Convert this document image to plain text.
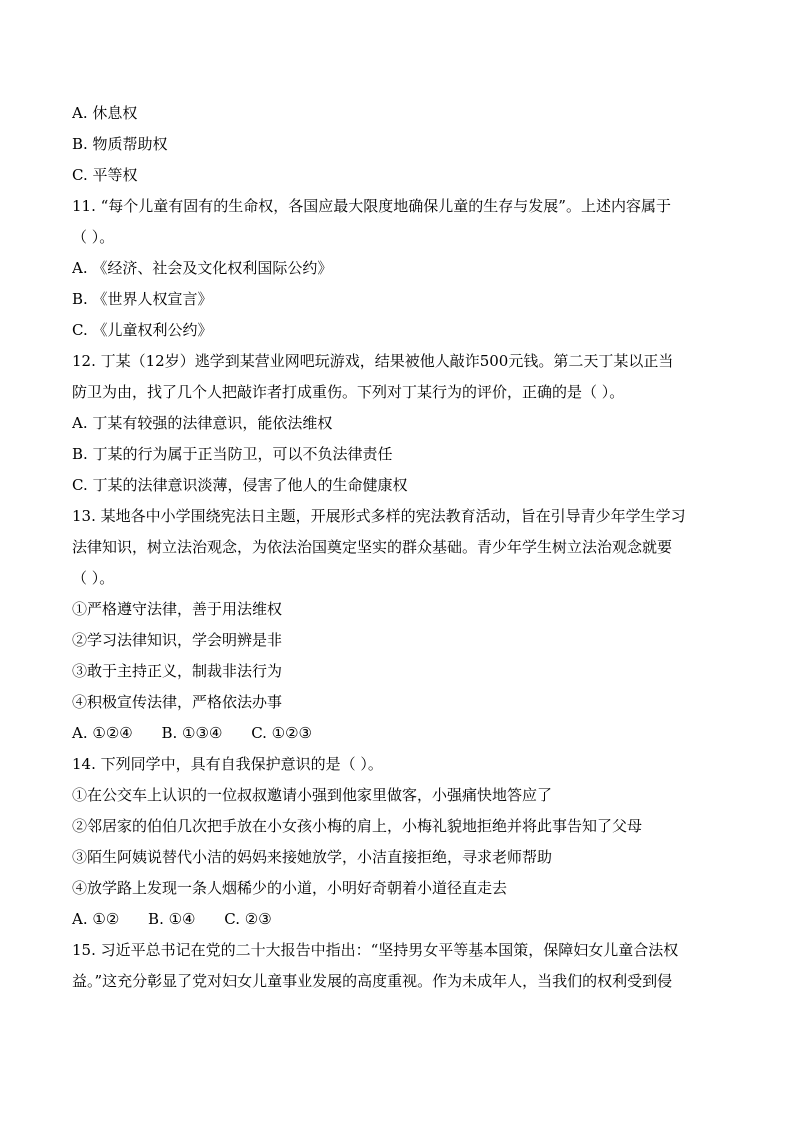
A. 休息权
B. 物质帮助权
C. 平等权
11. “每个儿童有固有的生命权，各国应最大限度地确保儿童的生存与发展”。上述内容属于
（ ）。
A. 《经济、社会及文化权利国际公约》
B. 《世界人权宣言》
C. 《儿童权利公约》
12. 丁某（12岁）逃学到某营业网吧玩游戏，结果被他人敲诈500元钱。第二天丁某以正当
防卫为由，找了几个人把敲诈者打成重伤。下列对丁某行为的评价，正确的是（ ）。
A. 丁某有较强的法律意识，能依法维权
B. 丁某的行为属于正当防卫，可以不负法律责任
C. 丁某的法律意识淡薄，侵害了他人的生命健康权
13. 某地各中小学围绕宪法日主题，开展形式多样的宪法教育活动，旨在引导青少年学生学习
法律知识，树立法治观念，为依法治国奠定坚实的群众基础。青少年学生树立法治观念就要
（ ）。
①严格遵守法律，善于用法维权
②学习法律知识，学会明辨是非
③敢于主持正义，制裁非法行为
④积极宣传法律，严格依法办事
A. ①②④ B. ①③④ C. ①②③
14. 下列同学中，具有自我保护意识的是（ ）。
①在公交车上认识的一位叔叔邀请小强到他家里做客，小强痛快地答应了
②邻居家的伯伯几次把手放在小女孩小梅的肩上，小梅礼貌地拒绝并将此事告知了父母
③陌生阿姨说替代小洁的妈妈来接她放学，小洁直接拒绝，寻求老师帮助
④放学路上发现一条人烟稀少的小道，小明好奇朝着小道径直走去
A. ①② B. ①④ C. ②③
15. 习近平总书记在党的二十大报告中指出：“坚持男女平等基本国策，保障妇女儿童合法权
益。”这充分彰显了党对妇女儿童事业发展的高度重视。作为未成年人，当我们的权利受到侵
